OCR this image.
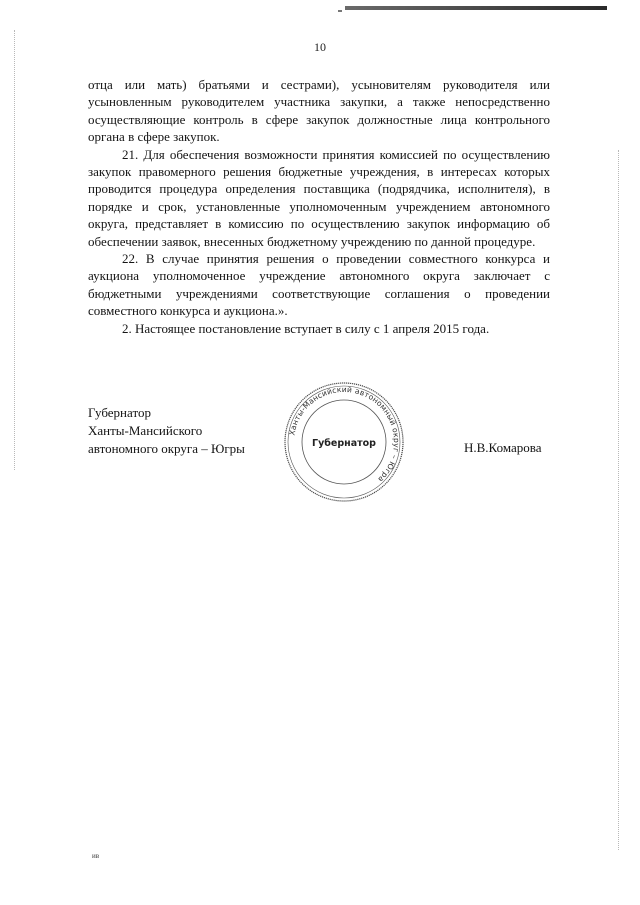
10

отца или мать) братьями и сестрами), усыновителям руководителя или усыновленным руководителем участника закупки, а также непосредственно осуществляющие контроль в сфере закупок должностные лица контрольного органа в сфере закупок.

21. Для обеспечения возможности принятия комиссией по осуществлению закупок правомерного решения бюджетные учреждения, в интересах которых проводится процедура определения поставщика (подрядчика, исполнителя), в порядке и срок, установленные уполномоченным учреждением автономного округа, представляет в комиссию по осуществлению закупок информацию об обеспечении заявок, внесенных бюджетному учреждению по данной процедуре.

22. В случае принятия решения о проведении совместного конкурса и аукциона уполномоченное учреждение автономного округа заключает с бюджетными учреждениями соответствующие соглашения о проведении совместного конкурса и аукциона.».

2. Настоящее постановление вступает в силу с 1 апреля 2015 года.

Губернатор
Ханты-Мансийского
автономного округа – Югры
Ханты-Мансийский автономный округ – Югра
Губернатор	Н.В.Комарова
ив
